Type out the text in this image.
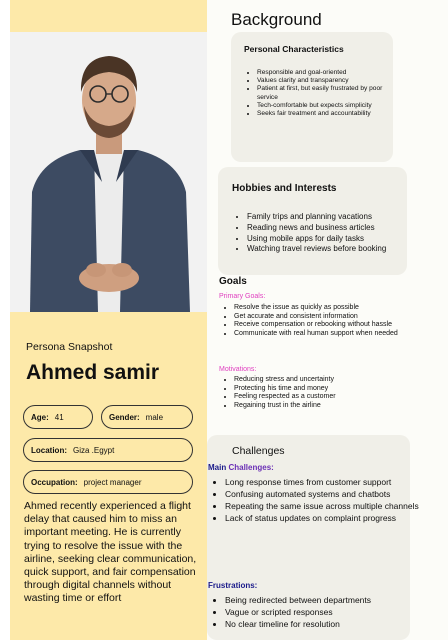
Persona Snapshot
Ahmed samir
Age: 41	Gender: male
Location: Giza .Egypt
Occupation: project manager
Ahmed recently experienced a flight delay that caused him to miss an important meeting. He is currently trying to resolve the issue with the airline, seeking clear communication, quick support, and fair compensation through digital channels without wasting time or effort
Background
Personal Characteristics
• Responsible and goal-oriented
• Values clarity and transparency
• Patient at first, but easily frustrated by poor service
• Tech-comfortable but expects simplicity
• Seeks fair treatment and accountability
Hobbies and Interests
• Family trips and planning vacations
• Reading news and business articles
• Using mobile apps for daily tasks
• Watching travel reviews before booking
Goals
Primary Goals:
• Resolve the issue as quickly as possible
• Get accurate and consistent information
• Receive compensation or rebooking without hassle
• Communicate with real human support when needed
Motivations:
• Reducing stress and uncertainty
• Protecting his time and money
• Feeling respected as a customer
• Regaining trust in the airline
Challenges
Main Challenges:
• Long response times from customer support
• Confusing automated systems and chatbots
• Repeating the same issue across multiple channels
• Lack of status updates on complaint progress
Frustrations:
• Being redirected between departments
• Vague or scripted responses
• No clear timeline for resolution
